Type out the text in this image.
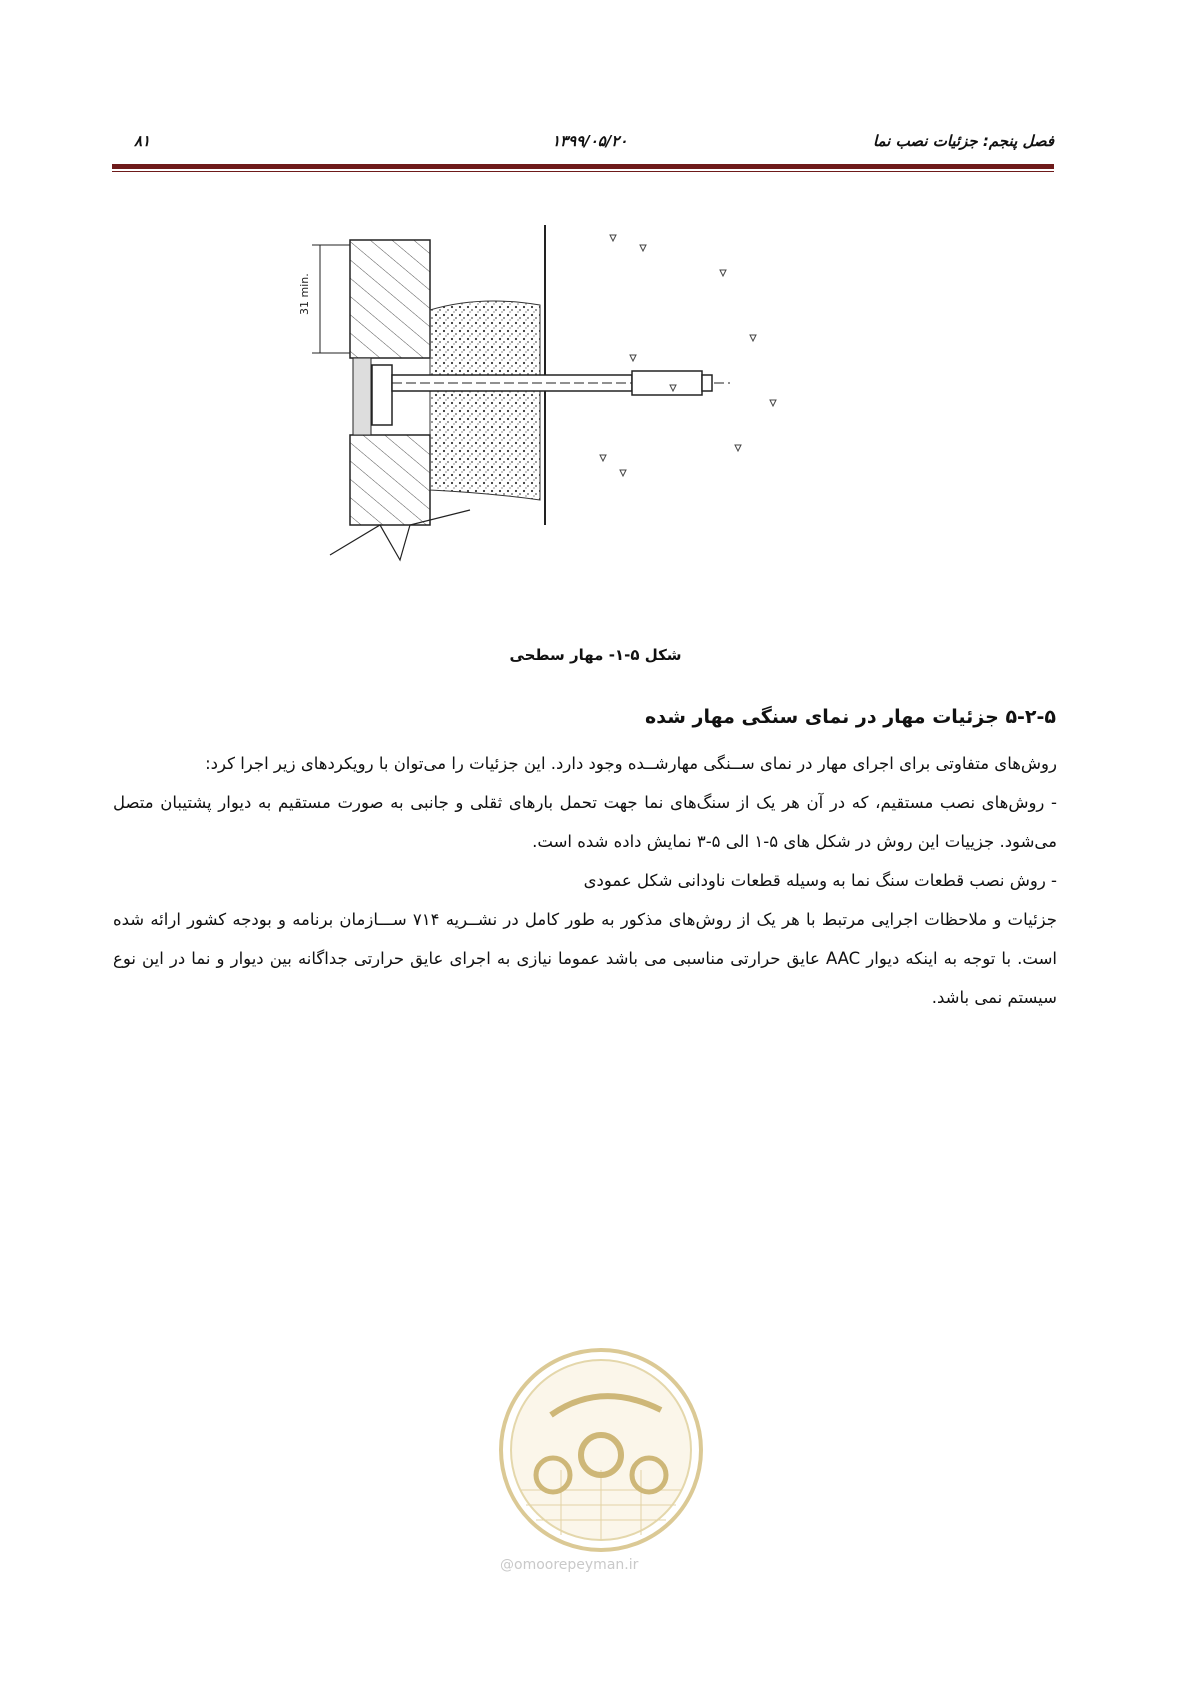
فصل پنجم: جزئیات نصب نما
۱۳۹۹/۰۵/۲۰
۸۱
31 min.
شکل ۵-۱- مهار سطحی
۵-۲-۵ جزئیات مهار در نمای سنگی مهار شده

روش‌های متفاوتی برای اجرای مهار در نمای ســنگی مهارشــده وجود دارد. این جزئیات را می‌توان با رویکردهای زیر اجرا کرد:

- روش‌های نصب مستقیم، که در آن هر یک از سنگ‌های نما جهت تحمل بارهای ثقلی و جانبی به صورت مستقیم به دیوار پشتیبان متصل می‌شود. جزییات این روش در شکل های ۵-۱ الی ۵-۳ نمایش داده شده است.

- روش نصب قطعات سنگ نما به وسیله قطعات ناودانی شکل عمودی

جزئیات و ملاحظات اجرایی مرتبط با هر یک از روش‌های مذکور به طور کامل در نشــریه ۷۱۴ ســـازمان برنامه و بودجه کشور ارائه شده است. با توجه به اینکه دیوار AAC عایق حرارتی مناسبی می باشد عموما نیازی به اجرای عایق حرارتی جداگانه بین دیوار و نما در این نوع سیستم نمی باشد.

@omoorepeyman.ir
